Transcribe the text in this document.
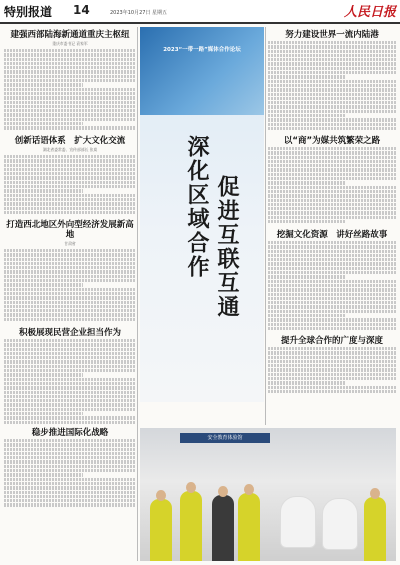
特别报道 14	2023年10月27日 星期五	人民日报
建强西部陆海新通道重庆主枢纽
重庆市委书记 袁家军
创新话语体系　扩大文化交流
湖北省委常委、宣传部部长 张岚
打造西北地区外向型经济发展新高地
甘肃省
积极展现民营企业担当作为
稳步推进国际化战略
2023“一带一路”媒体合作论坛
深化区域合作 促进互联互通
努力建设世界一流内陆港
以“商”为媒共筑繁荣之路
挖掘文化资源　讲好丝路故事
提升全球合作的广度与深度
安全教育体验馆
